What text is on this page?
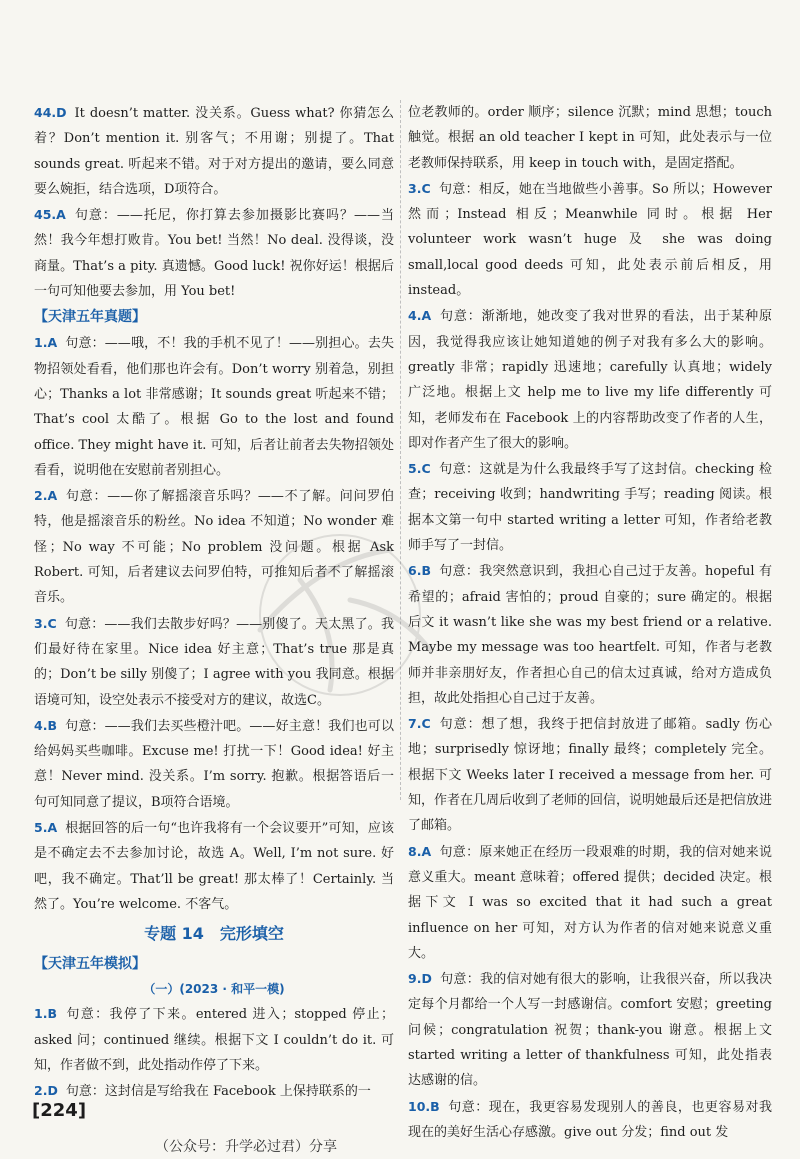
44.D It doesn’t matter. 没关系。Guess what? 你猜怎么着？Don’t mention it. 别客气；不用谢；别提了。That sounds great. 听起来不错。对于对方提出的邀请，要么同意要么婉拒，结合选项，D项符合。
45.A 句意：——托尼，你打算去参加摄影比赛吗？——当然！我今年想打败肯。You bet! 当然！No deal. 没得谈，没商量。That’s a pity. 真遗憾。Good luck! 祝你好运！根据后一句可知他要去参加，用 You bet!
【天津五年真题】
1.A 句意：——哦，不！我的手机不见了！——别担心。去失物招领处看看，他们那也许会有。Don’t worry 别着急，别担心；Thanks a lot 非常感谢；It sounds great 听起来不错；That’s cool 太酷了。根据 Go to the lost and found office. They might have it. 可知，后者让前者去失物招领处看看，说明他在安慰前者别担心。
2.A 句意：——你了解摇滚音乐吗？——不了解。问问罗伯特，他是摇滚音乐的粉丝。No idea 不知道；No wonder 难怪；No way 不可能；No problem 没问题。根据 Ask Robert. 可知，后者建议去问罗伯特，可推知后者不了解摇滚音乐。
3.C 句意：——我们去散步好吗？——别傻了。天太黑了。我们最好待在家里。Nice idea 好主意；That’s true 那是真的；Don’t be silly 别傻了；I agree with you 我同意。根据语境可知，设空处表示不接受对方的建议，故选C。
4.B 句意：——我们去买些橙汁吧。——好主意！我们也可以给妈妈买些咖啡。Excuse me! 打扰一下！Good idea! 好主意！Never mind. 没关系。I’m sorry. 抱歉。根据答语后一句可知同意了提议，B项符合语境。
5.A 根据回答的后一句“也许我将有一个会议要开”可知，应该是不确定去不去参加讨论，故选 A。Well, I’m not sure. 好吧，我不确定。That’ll be great! 那太棒了！Certainly. 当然了。You’re welcome. 不客气。
专题 14　完形填空
【天津五年模拟】
（一）(2023 · 和平一模)
1.B 句意：我停了下来。entered 进入；stopped 停止；asked 问；continued 继续。根据下文 I couldn’t do it. 可知，作者做不到，此处指动作停了下来。
2.D 句意：这封信是写给我在 Facebook 上保持联系的一
位老教师的。order 顺序；silence 沉默；mind 思想；touch 触觉。根据 an old teacher I kept in 可知，此处表示与一位老教师保持联系，用 keep in touch with，是固定搭配。
3.C 句意：相反，她在当地做些小善事。So 所以；However 然而；Instead 相反；Meanwhile 同时。根据 Her volunteer work wasn’t huge 及 she was doing small,local good deeds 可知，此处表示前后相反，用 instead。
4.A 句意：渐渐地，她改变了我对世界的看法，出于某种原因，我觉得我应该让她知道她的例子对我有多么大的影响。greatly 非常；rapidly 迅速地；carefully 认真地；widely 广泛地。根据上文 help me to live my life differently 可知，老师发布在 Facebook 上的内容帮助改变了作者的人生，即对作者产生了很大的影响。
5.C 句意：这就是为什么我最终手写了这封信。checking 检查；receiving 收到；handwriting 手写；reading 阅读。根据本文第一句中 started writing a letter 可知，作者给老教师手写了一封信。
6.B 句意：我突然意识到，我担心自己过于友善。hopeful 有希望的；afraid 害怕的；proud 自豪的；sure 确定的。根据后文 it wasn’t like she was my best friend or a relative. Maybe my message was too heartfelt. 可知，作者与老教师并非亲朋好友，作者担心自己的信太过真诚，给对方造成负担，故此处指担心自己过于友善。
7.C 句意：想了想，我终于把信封放进了邮箱。sadly 伤心地；surprisedly 惊讶地；finally 最终；completely 完全。根据下文 Weeks later I received a message from her. 可知，作者在几周后收到了老师的回信，说明她最后还是把信放进了邮箱。
8.A 句意：原来她正在经历一段艰难的时期，我的信对她来说意义重大。meant 意味着；offered 提供；decided 决定。根据下文 I was so excited that it had such a great influence on her 可知，对方认为作者的信对她来说意义重大。
9.D 句意：我的信对她有很大的影响，让我很兴奋，所以我决定每个月都给一个人写一封感谢信。comfort 安慰；greeting 问候；congratulation 祝贺；thank-you 谢意。根据上文 started writing a letter of thankfulness 可知，此处指表达感谢的信。
10.B 句意：现在，我更容易发现别人的善良，也更容易对我现在的美好生活心存感激。give out 分发；find out 发
[224]
（公众号：升学必过君）分享
